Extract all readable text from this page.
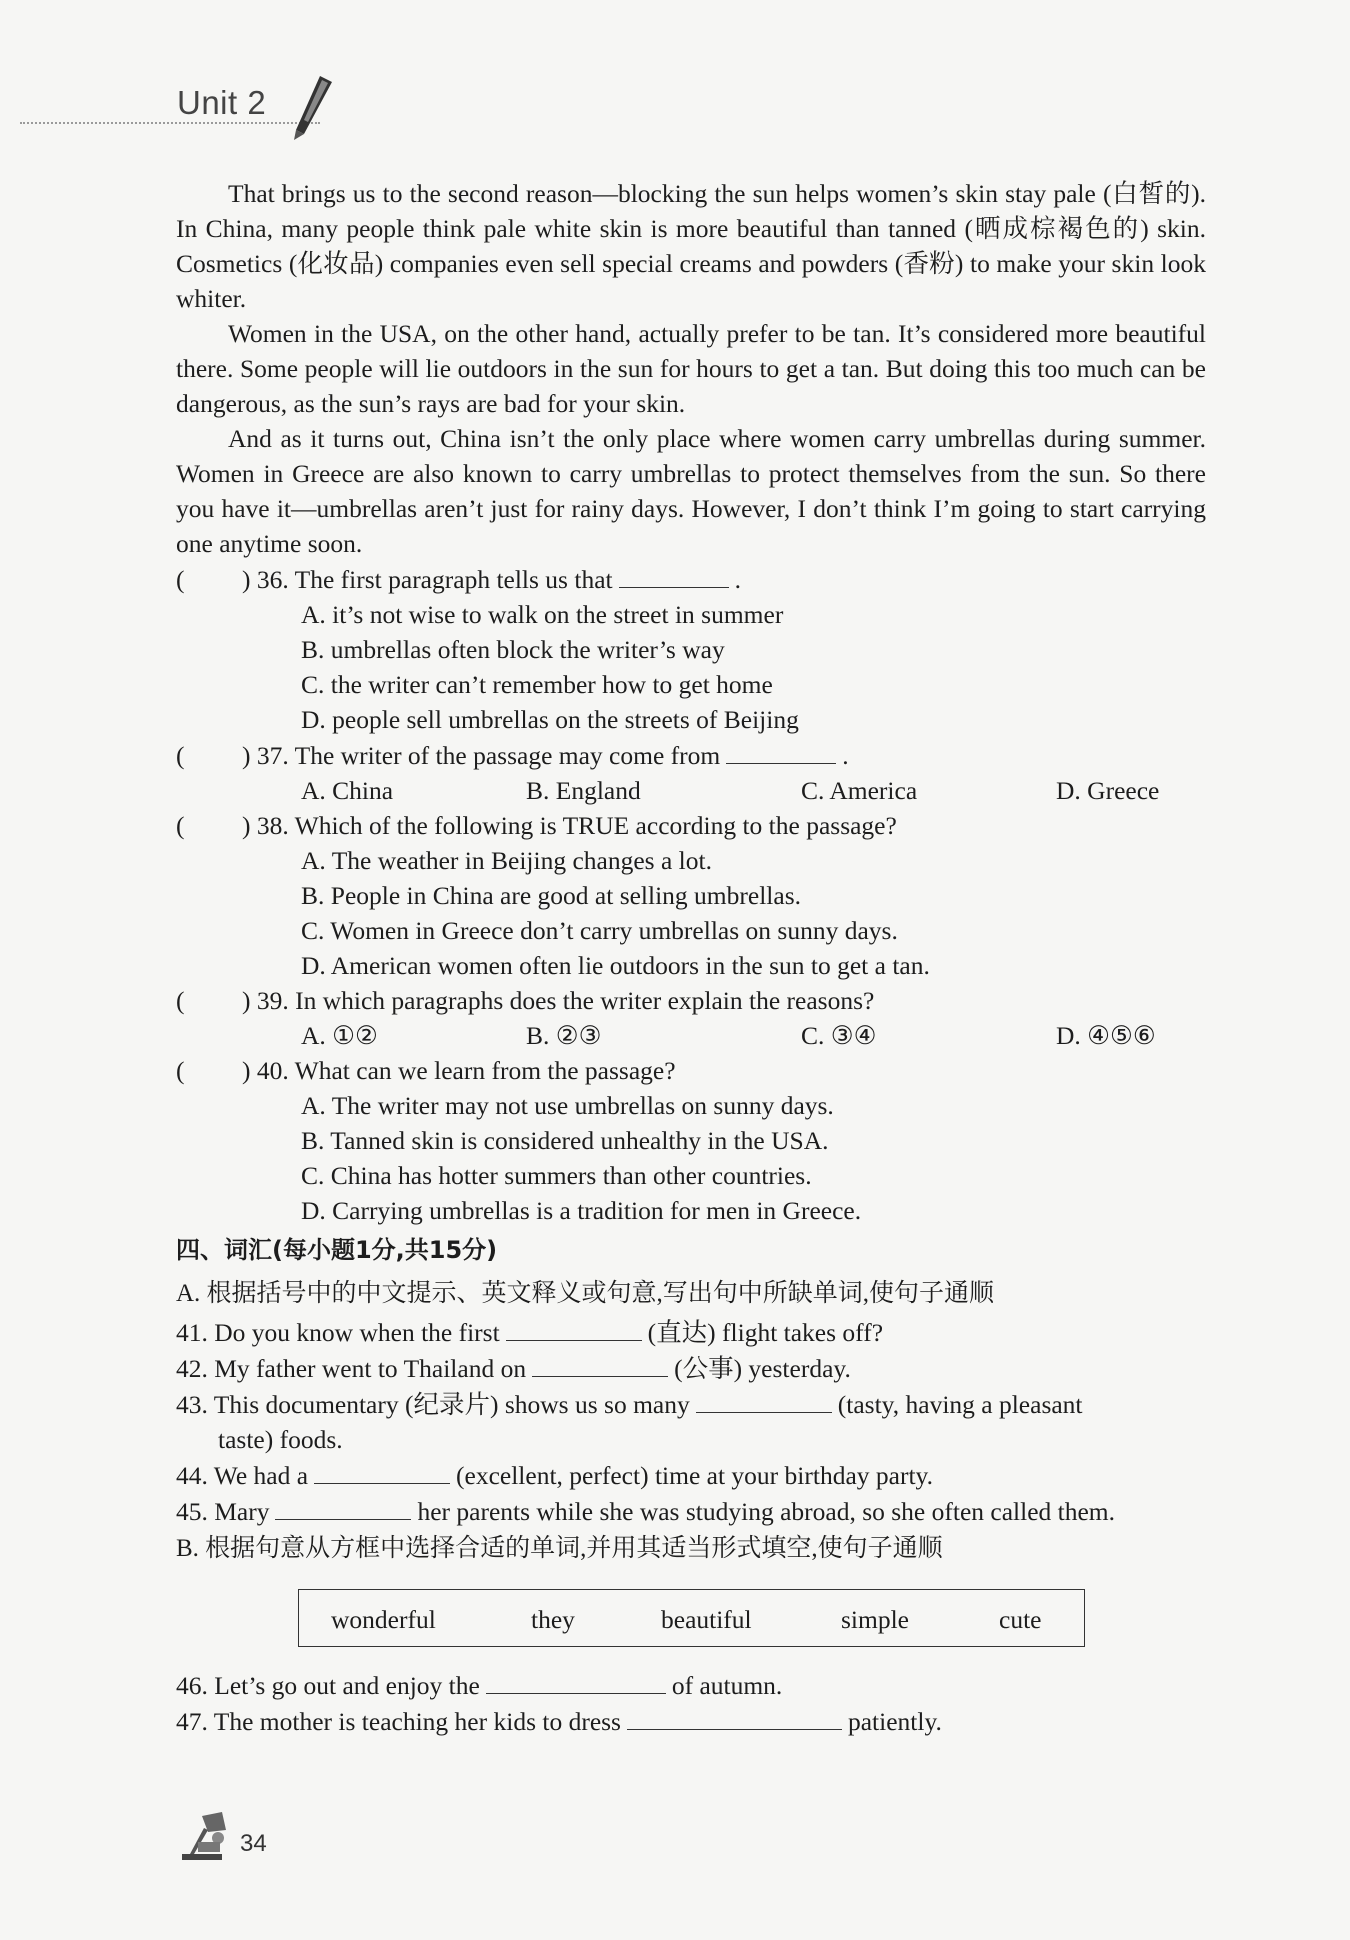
Unit 2

That brings us to the second reason—blocking the sun helps women’s skin stay pale (白皙的). In China, many people think pale white skin is more beautiful than tanned (晒成棕褐色的) skin. Cosmetics (化妆品) companies even sell special creams and powders (香粉) to make your skin look whiter.

Women in the USA, on the other hand, actually prefer to be tan. It’s considered more beautiful there. Some people will lie outdoors in the sun for hours to get a tan. But doing this too much can be dangerous, as the sun’s rays are bad for your skin.

And as it turns out, China isn’t the only place where women carry umbrellas during summer. Women in Greece are also known to carry umbrellas to protect themselves from the sun. So there you have it—umbrellas aren’t just for rainy days. However, I don’t think I’m going to start carrying one anytime soon.

( ) 36. The first paragraph tells us that	.

A. it’s not wise to walk on the street in summer

B. umbrellas often block the writer’s way

C. the writer can’t remember how to get home

D. people sell umbrellas on the streets of Beijing

( ) 37. The writer of the passage may come from	.

A. China	B. England	C. America	D. Greece

( ) 38. Which of the following is TRUE according to the passage?

A. The weather in Beijing changes a lot.

B. People in China are good at selling umbrellas.

C. Women in Greece don’t carry umbrellas on sunny days.

D. American women often lie outdoors in the sun to get a tan.

( ) 39. In which paragraphs does the writer explain the reasons?

A. ①②	B. ②③	C. ③④	D. ④⑤⑥

( ) 40. What can we learn from the passage?

A. The writer may not use umbrellas on sunny days.

B. Tanned skin is considered unhealthy in the USA.

C. China has hotter summers than other countries.

D. Carrying umbrellas is a tradition for men in Greece.

四、词汇(每小题1分,共15分)

A. 根据括号中的中文提示、英文释义或句意,写出句中所缺单词,使句子通顺

41. Do you know when the first	(直达) flight takes off?

42. My father went to Thailand on	(公事) yesterday.

43. This documentary (纪录片) shows us so many	(tasty, having a pleasant

taste) foods.

44. We had a	(excellent, perfect) time at your birthday party.

45. Mary	her parents while she was studying abroad, so she often called them.

B. 根据句意从方框中选择合适的单词,并用其适当形式填空,使句子通顺

wonderful	they	beautiful	simple	cute

46. Let’s go out and enjoy the	of autumn.

47. The mother is teaching her kids to dress	patiently.

34
